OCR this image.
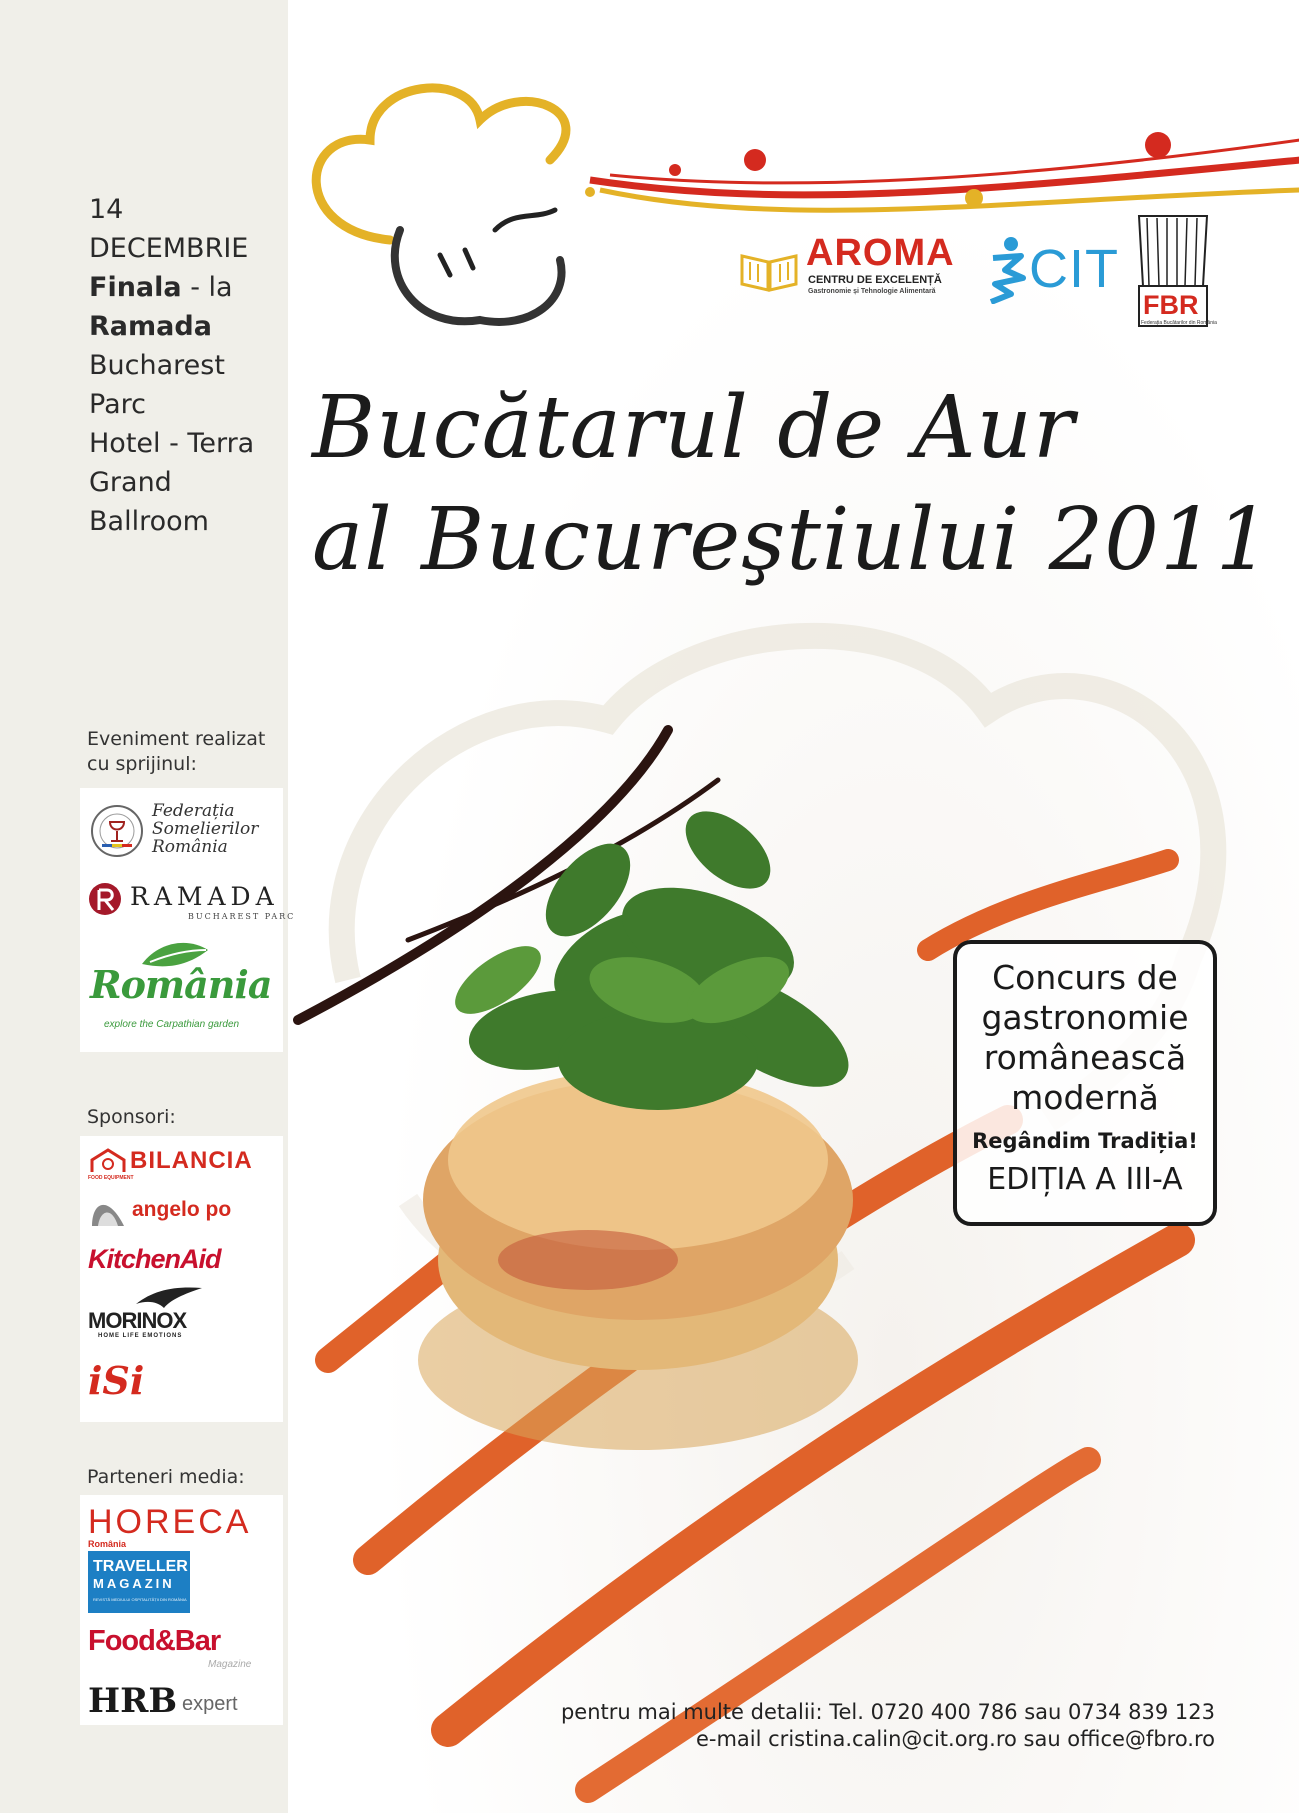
AROMA
CENTRU DE EXCELENȚĂ
Gastronomie și Tehnologie Alimentară CIT
FBR
Federația Bucătarilor din România
Bucătarul de Aur
al Bucureştiului 2011
Concurs de
gastronomie
românească
modernă
Regândim Tradiția!
EDIȚIA A III-A
pentru mai multe detalii: Tel. 0720 400 786 sau 0734 839 123
e-mail cristina.calin@cit.org.ro sau office@fbro.ro
14 DECEMBRIE
Finala - la
Ramada
Bucharest Parc
Hotel - Terra
Grand
Ballroom
Eveniment realizat
cu sprijinul:
Federația
Somelierilor
România
RAMADA
BUCHAREST PARC
România
explore the Carpathian garden
Sponsori:
BILANCIA
FOOD EQUIPMENT
angelo po
KitchenAid
MORINOX
HOME LIFE EMOTIONS
iSi
Parteneri media:
HORECA
România
TRAVELLER
MAGAZIN
REVISTĂ MEDIULUI OSPITALITĂȚII DIN ROMÂNIA
Food&Bar
Magazine
HRB expert
